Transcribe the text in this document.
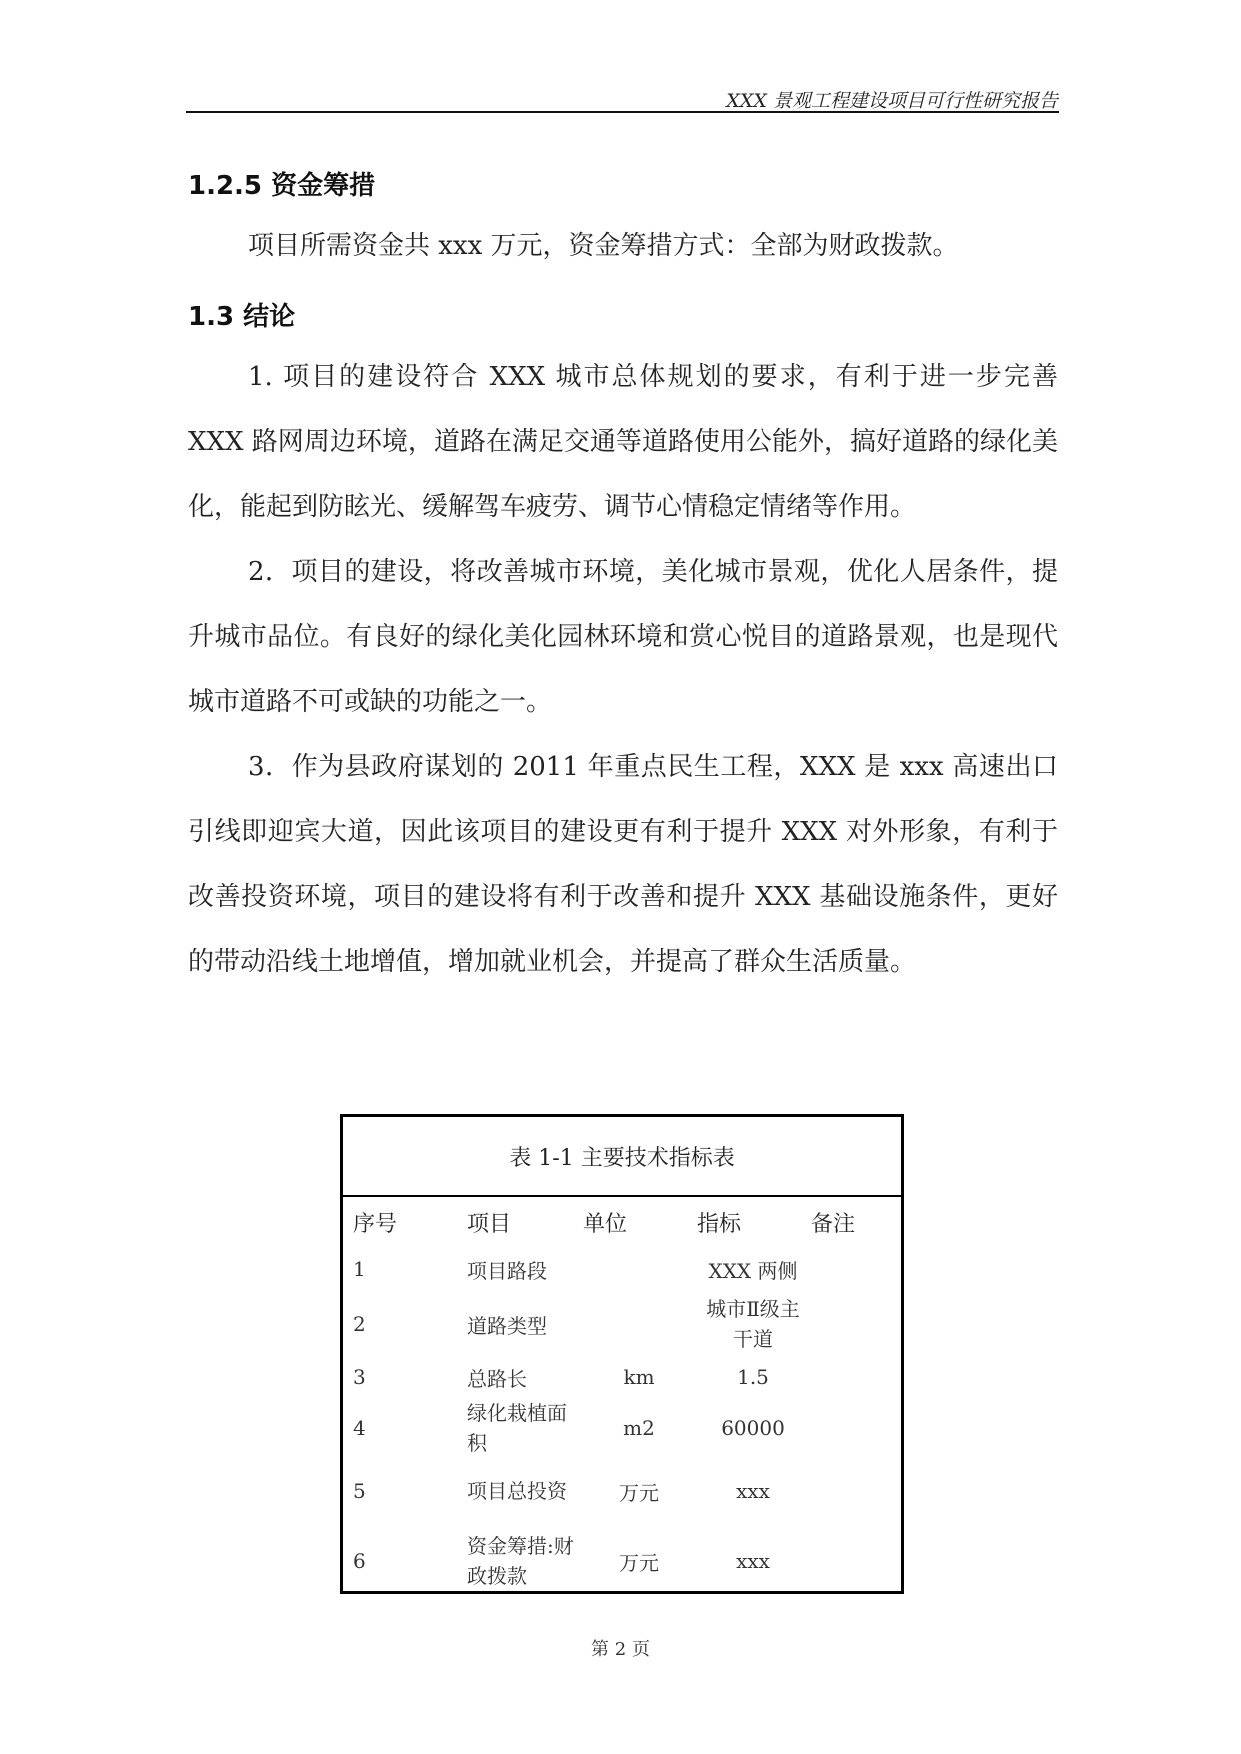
XXX 景观工程建设项目可行性研究报告
1.2.5 资金筹措

项目所需资金共 xxx 万元，资金筹措方式：全部为财政拨款。

1.3 结论

1. 项目的建设符合 XXX 城市总体规划的要求，有利于进一步完善 XXX 路网周边环境，道路在满足交通等道路使用公能外，搞好道路的绿化美化，能起到防眩光、缓解驾车疲劳、调节心情稳定情绪等作用。

2．项目的建设，将改善城市环境，美化城市景观，优化人居条件，提升城市品位。有良好的绿化美化园林环境和赏心悦目的道路景观，也是现代城市道路不可或缺的功能之一。

3．作为县政府谋划的 2011 年重点民生工程，XXX 是 xxx 高速出口引线即迎宾大道，因此该项目的建设更有利于提升 XXX 对外形象，有利于改善投资环境，项目的建设将有利于改善和提升 XXX 基础设施条件，更好的带动沿线土地增值，增加就业机会，并提高了群众生活质量。

表 1-1 主要技术指标表
序号	项目	单位	指标	备注
1	项目路段		XXX 两侧	
2	道路类型		城市Ⅱ级主干道	
3	总路长	km	1.5	
4	绿化栽植面积	m2	60000	
5	项目总投资	万元	xxx	
6	资金筹措:财政拨款	万元	xxx	
第 2 页
